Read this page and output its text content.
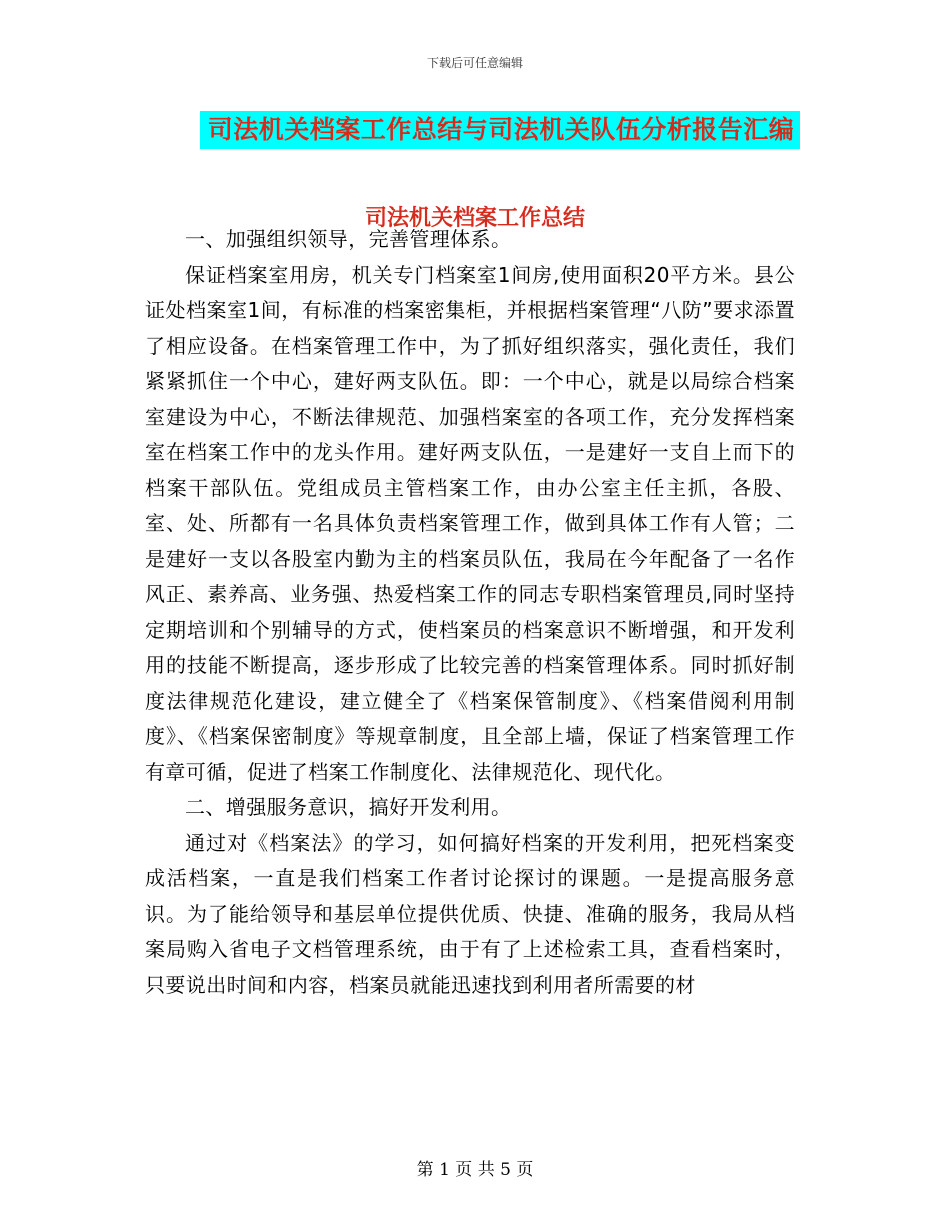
下载后可任意编辑
司法机关档案工作总结与司法机关队伍分析报告汇编
司法机关档案工作总结

一、加强组织领导，完善管理体系。

保证档案室用房，机关专门档案室1间房,使用面积20平方米。县公证处档案室1间，有标准的档案密集柜，并根据档案管理“八防”要求添置了相应设备。在档案管理工作中，为了抓好组织落实，强化责任，我们紧紧抓住一个中心，建好两支队伍。即：一个中心，就是以局综合档案室建设为中心，不断法律规范、加强档案室的各项工作，充分发挥档案室在档案工作中的龙头作用。建好两支队伍，一是建好一支自上而下的档案干部队伍。党组成员主管档案工作，由办公室主任主抓，各股、室、处、所都有一名具体负责档案管理工作，做到具体工作有人管；二是建好一支以各股室内勤为主的档案员队伍，我局在今年配备了一名作风正、素养高、业务强、热爱档案工作的同志专职档案管理员,同时坚持定期培训和个别辅导的方式，使档案员的档案意识不断增强，和开发利用的技能不断提高，逐步形成了比较完善的档案管理体系。同时抓好制度法律规范化建设，建立健全了《档案保管制度》、《档案借阅利用制度》、《档案保密制度》等规章制度，且全部上墙，保证了档案管理工作有章可循，促进了档案工作制度化、法律规范化、现代化。

二、增强服务意识，搞好开发利用。

通过对《档案法》的学习，如何搞好档案的开发利用，把死档案变成活档案，一直是我们档案工作者讨论探讨的课题。一是提高服务意识。为了能给领导和基层单位提供优质、快捷、准确的服务，我局从档案局购入省电子文档管理系统，由于有了上述检索工具，查看档案时，只要说出时间和内容，档案员就能迅速找到利用者所需要的材

第 1 页 共 5 页
